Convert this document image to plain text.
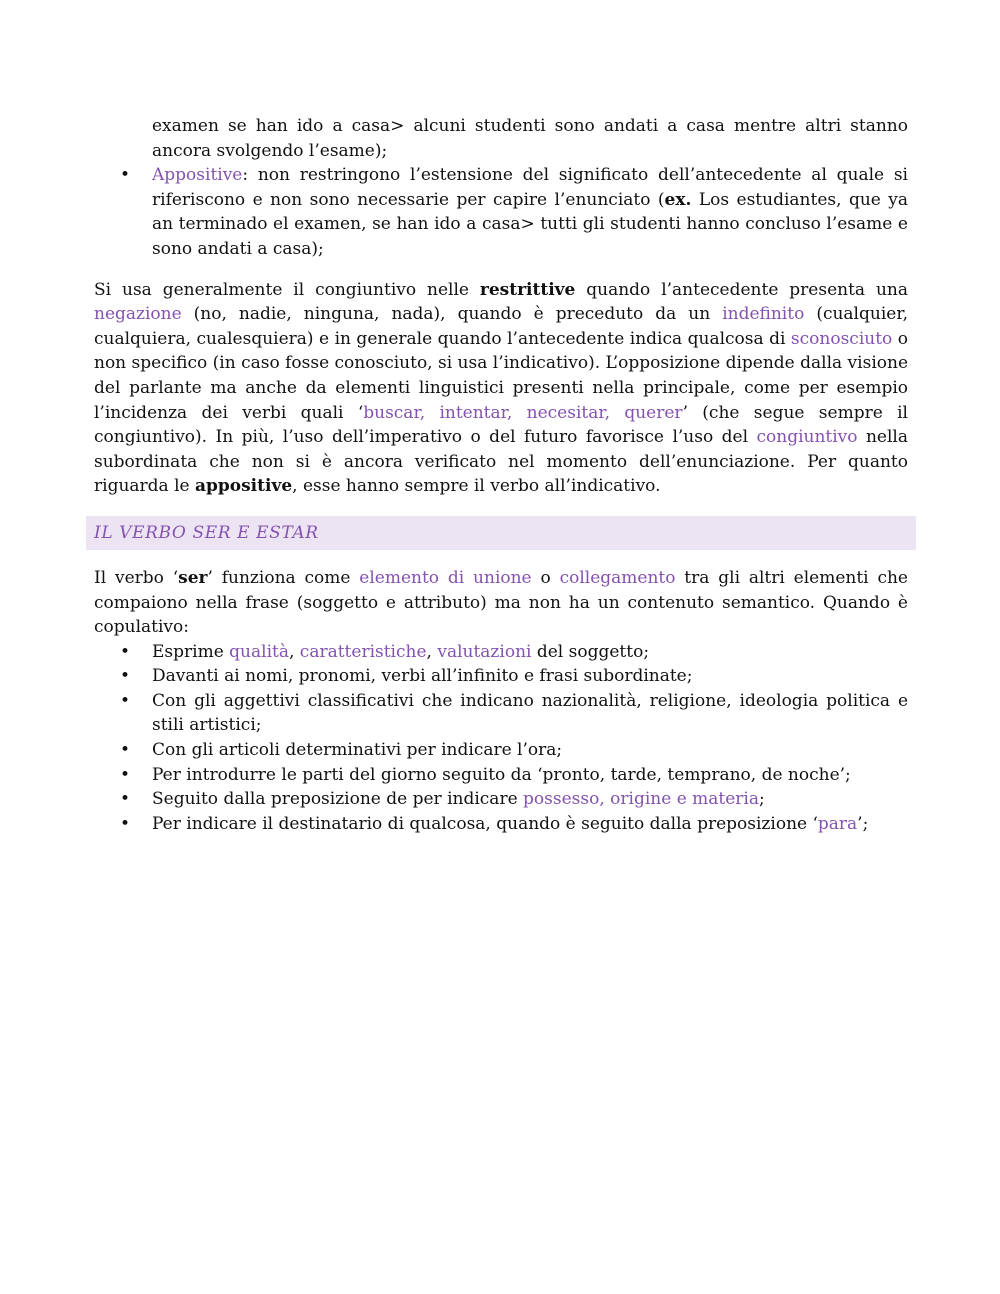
examen se han ido a casa> alcuni studenti sono andati a casa mentre altri stanno ancora svolgendo l’esame);
• Appositive: non restringono l’estensione del significato dell’antecedente al quale si riferiscono e non sono necessarie per capire l’enunciato (ex. Los estudiantes, que ya an terminado el examen, se han ido a casa> tutti gli studenti hanno concluso l’esame e sono andati a casa);

Si usa generalmente il congiuntivo nelle restrittive quando l’antecedente presenta una negazione (no, nadie, ninguna, nada), quando è preceduto da un indefinito (cualquier, cualquiera, cualesquiera) e in generale quando l’antecedente indica qualcosa di sconosciuto o non specifico (in caso fosse conosciuto, si usa l’indicativo). L’opposizione dipende dalla visione del parlante ma anche da elementi linguistici presenti nella principale, come per esempio l’incidenza dei verbi quali ‘buscar, intentar, necesitar, querer’ (che segue sempre il congiuntivo). In più, l’uso dell’imperativo o del futuro favorisce l’uso del congiuntivo nella subordinata che non si è ancora verificato nel momento dell’enunciazione. Per quanto riguarda le appositive, esse hanno sempre il verbo all’indicativo.

IL VERBO SER E ESTAR

Il verbo ‘ser’ funziona come elemento di unione o collegamento tra gli altri elementi che compaiono nella frase (soggetto e attributo) ma non ha un contenuto semantico. Quando è copulativo:

• Esprime qualità, caratteristiche, valutazioni del soggetto;
• Davanti ai nomi, pronomi, verbi all’infinito e frasi subordinate;
• Con gli aggettivi classificativi che indicano nazionalità, religione, ideologia politica e stili artistici;
• Con gli articoli determinativi per indicare l’ora;
• Per introdurre le parti del giorno seguito da ‘pronto, tarde, temprano, de noche’;
• Seguito dalla preposizione de per indicare possesso, origine e materia;
• Per indicare il destinatario di qualcosa, quando è seguito dalla preposizione ‘para’;
